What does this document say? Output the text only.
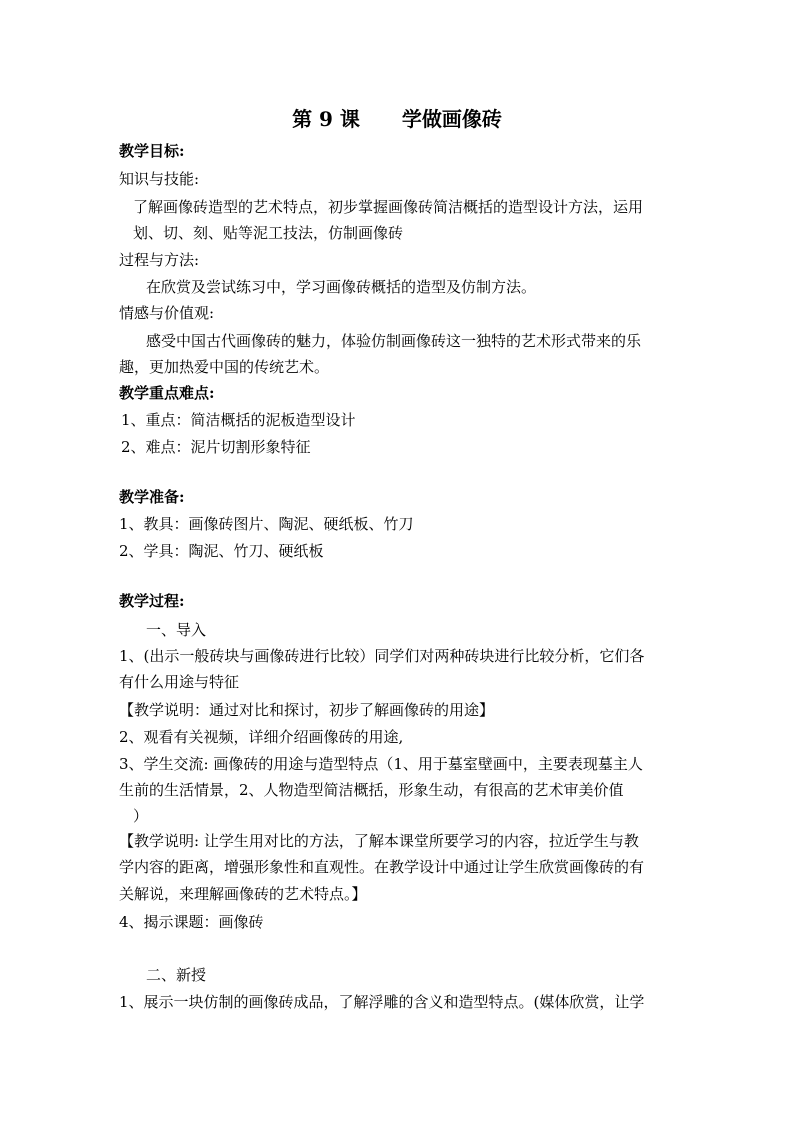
第 9 课 学做画像砖
教学目标:
知识与技能:
了解画像砖造型的艺术特点，初步掌握画像砖简洁概括的造型设计方法，运用
划、切、刻、贴等泥工技法，仿制画像砖
过程与方法:
在欣赏及尝试练习中，学习画像砖概括的造型及仿制方法。
情感与价值观:
感受中国古代画像砖的魅力，体验仿制画像砖这一独特的艺术形式带来的乐
趣，更加热爱中国的传统艺术。
教学重点难点:
1、重点：简洁概括的泥板造型设计
2、难点：泥片切割形象特征
教学准备:
1、教具：画像砖图片、陶泥、硬纸板、竹刀
2、学具：陶泥、竹刀、硬纸板
教学过程:
一、导入
1、(出示一般砖块与画像砖进行比较）同学们对两种砖块进行比较分析，它们各
有什么用途与特征
【教学说明：通过对比和探讨，初步了解画像砖的用途】
2、观看有关视频，详细介绍画像砖的用途,
3、学生交流: 画像砖的用途与造型特点（1、用于墓室壁画中，主要表现墓主人
生前的生活情景，2、人物造型简洁概括，形象生动，有很高的艺术审美价值
）
【教学说明: 让学生用对比的方法，了解本课堂所要学习的内容，拉近学生与教
学内容的距离，增强形象性和直观性。在教学设计中通过让学生欣赏画像砖的有
关解说，来理解画像砖的艺术特点。】
4、揭示课题：画像砖
二、新授
1、展示一块仿制的画像砖成品，了解浮雕的含义和造型特点。(媒体欣赏，让学
